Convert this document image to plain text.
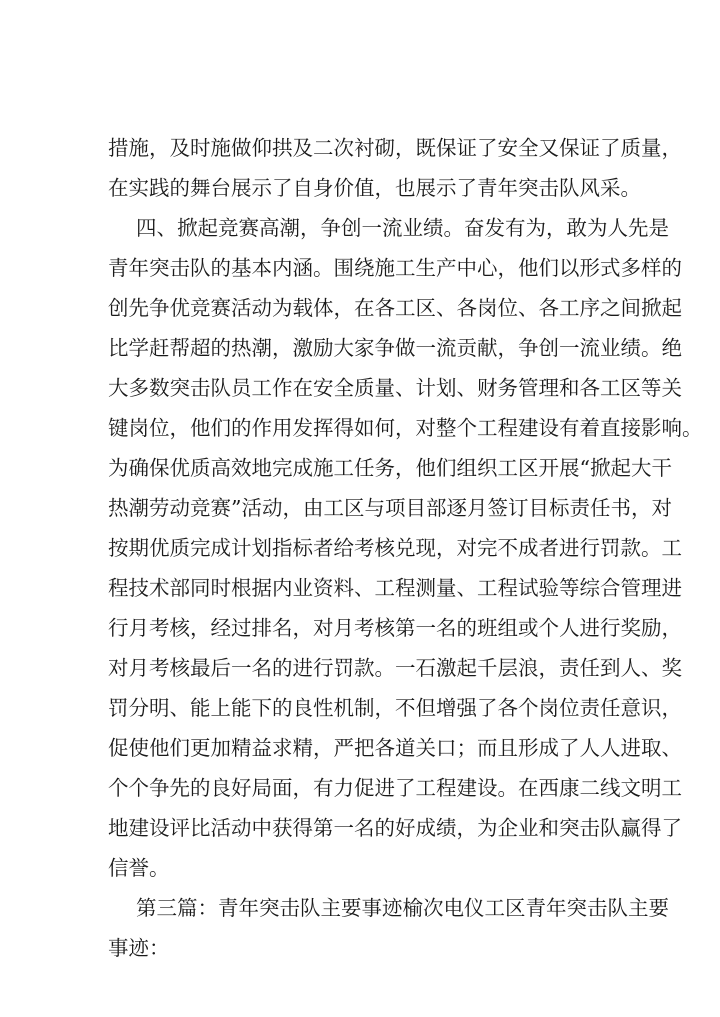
措施，及时施做仰拱及二次衬砌，既保证了安全又保证了质量，
在实践的舞台展示了自身价值，也展示了青年突击队风采。
四、掀起竞赛高潮，争创一流业绩。奋发有为，敢为人先是
青年突击队的基本内涵。围绕施工生产中心，他们以形式多样的
创先争优竞赛活动为载体，在各工区、各岗位、各工序之间掀起
比学赶帮超的热潮，激励大家争做一流贡献，争创一流业绩。绝
大多数突击队员工作在安全质量、计划、财务管理和各工区等关
键岗位，他们的作用发挥得如何，对整个工程建设有着直接影响。
为确保优质高效地完成施工任务，他们组织工区开展“掀起大干
热潮劳动竞赛”活动，由工区与项目部逐月签订目标责任书，对
按期优质完成计划指标者给考核兑现，对完不成者进行罚款。工
程技术部同时根据内业资料、工程测量、工程试验等综合管理进
行月考核，经过排名，对月考核第一名的班组或个人进行奖励，
对月考核最后一名的进行罚款。一石激起千层浪，责任到人、奖
罚分明、能上能下的良性机制，不但增强了各个岗位责任意识，
促使他们更加精益求精，严把各道关口；而且形成了人人进取、
个个争先的良好局面，有力促进了工程建设。在西康二线文明工
地建设评比活动中获得第一名的好成绩，为企业和突击队赢得了
信誉。
第三篇：青年突击队主要事迹榆次电仪工区青年突击队主要
事迹：
